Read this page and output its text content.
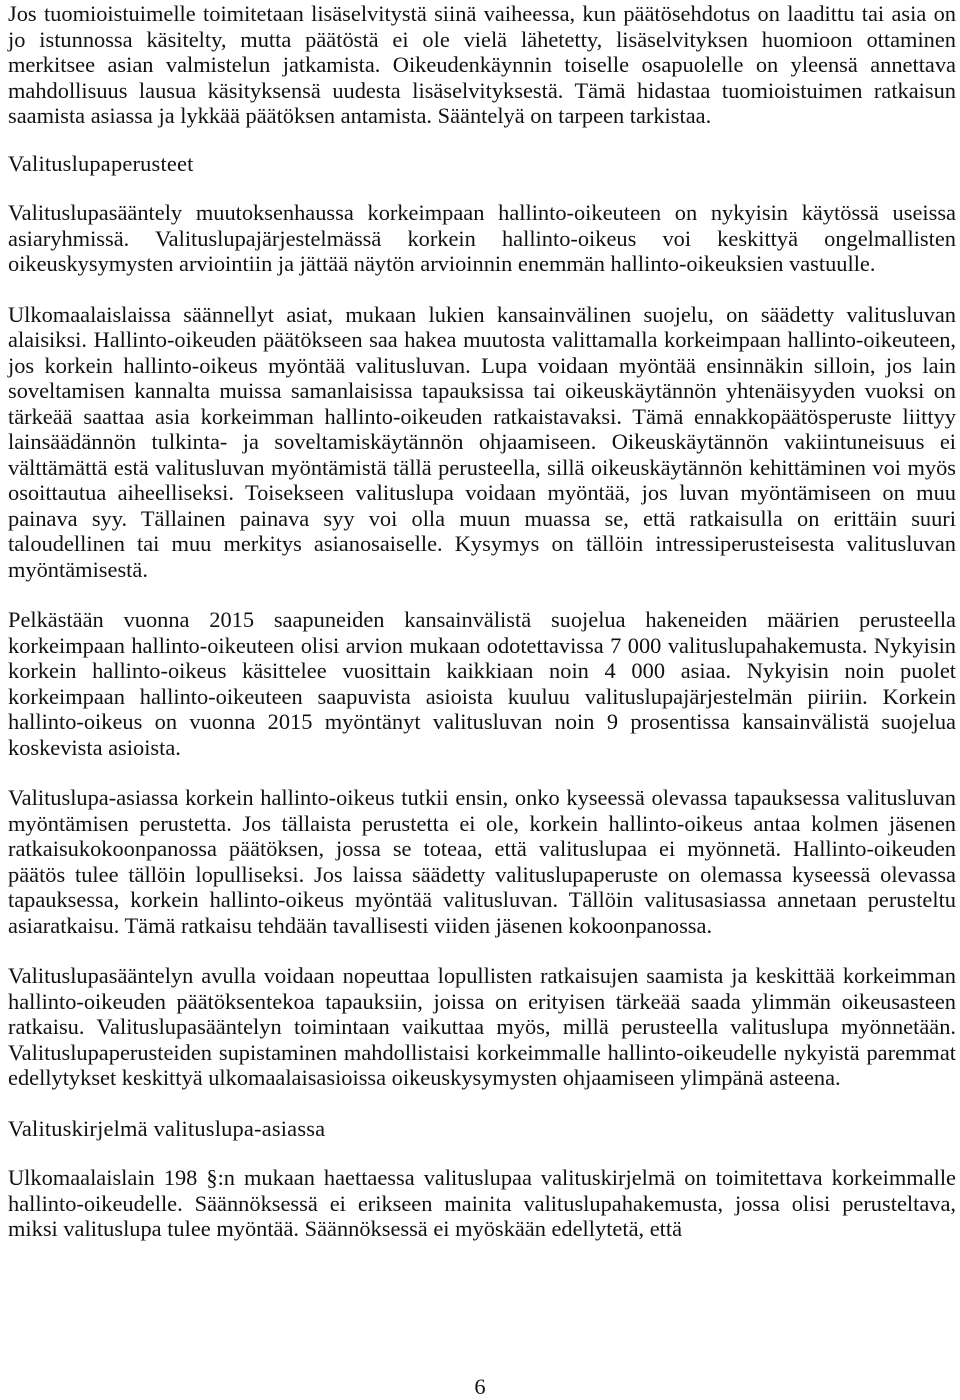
Jos tuomioistuimelle toimitetaan lisäselvitystä siinä vaiheessa, kun päätösehdotus on laadittu tai asia on jo istunnossa käsitelty, mutta päätöstä ei ole vielä lähetetty, lisäselvityksen huomioon ottaminen merkitsee asian valmistelun jatkamista. Oikeudenkäynnin toiselle osapuolelle on yleensä annettava mahdollisuus lausua käsityksensä uudesta lisäselvityksestä. Tämä hidastaa tuomioistuimen ratkaisun saamista asiassa ja lykkää päätöksen antamista. Sääntelyä on tarpeen tarkistaa.

Valituslupaperusteet

Valituslupasääntely muutoksenhaussa korkeimpaan hallinto-oikeuteen on nykyisin käytössä useissa asiaryhmissä. Valituslupajärjestelmässä korkein hallinto-oikeus voi keskittyä ongelmallisten oikeuskysymysten arviointiin ja jättää näytön arvioinnin enemmän hallinto-oikeuksien vastuulle.

Ulkomaalaislaissa säännellyt asiat, mukaan lukien kansainvälinen suojelu, on säädetty valitusluvan alaisiksi. Hallinto-oikeuden päätökseen saa hakea muutosta valittamalla korkeimpaan hallinto-oikeuteen, jos korkein hallinto-oikeus myöntää valitusluvan. Lupa voidaan myöntää ensinnäkin silloin, jos lain soveltamisen kannalta muissa samanlaisissa tapauksissa tai oikeuskäytännön yhtenäisyyden vuoksi on tärkeää saattaa asia korkeimman hallinto-oikeuden ratkaistavaksi. Tämä ennakkopäätösperuste liittyy lainsäädännön tulkinta- ja soveltamiskäytännön ohjaamiseen. Oikeuskäytännön vakiintuneisuus ei välttämättä estä valitusluvan myöntämistä tällä perusteella, sillä oikeuskäytännön kehittäminen voi myös osoittautua aiheelliseksi. Toisekseen valituslupa voidaan myöntää, jos luvan myöntämiseen on muu painava syy. Tällainen painava syy voi olla muun muassa se, että ratkaisulla on erittäin suuri taloudellinen tai muu merkitys asianosaiselle. Kysymys on tällöin intressiperusteisesta valitusluvan myöntämisestä.

Pelkästään vuonna 2015 saapuneiden kansainvälistä suojelua hakeneiden määrien perusteella korkeimpaan hallinto-oikeuteen olisi arvion mukaan odotettavissa 7 000 valituslupahakemusta. Nykyisin korkein hallinto-oikeus käsittelee vuosittain kaikkiaan noin 4 000 asiaa. Nykyisin noin puolet korkeimpaan hallinto-oikeuteen saapuvista asioista kuuluu valituslupajärjestelmän piiriin. Korkein hallinto-oikeus on vuonna 2015 myöntänyt valitusluvan noin 9 prosentissa kansainvälistä suojelua koskevista asioista.

Valituslupa-asiassa korkein hallinto-oikeus tutkii ensin, onko kyseessä olevassa tapauksessa valitusluvan myöntämisen perustetta. Jos tällaista perustetta ei ole, korkein hallinto-oikeus antaa kolmen jäsenen ratkaisukokoonpanossa päätöksen, jossa se toteaa, että valituslupaa ei myönnetä. Hallinto-oikeuden päätös tulee tällöin lopulliseksi. Jos laissa säädetty valituslupaperuste on olemassa kyseessä olevassa tapauksessa, korkein hallinto-oikeus myöntää valitusluvan. Tällöin valitusasiassa annetaan perusteltu asiaratkaisu. Tämä ratkaisu tehdään tavallisesti viiden jäsenen kokoonpanossa.

Valituslupasääntelyn avulla voidaan nopeuttaa lopullisten ratkaisujen saamista ja keskittää korkeimman hallinto-oikeuden päätöksentekoa tapauksiin, joissa on erityisen tärkeää saada ylimmän oikeusasteen ratkaisu. Valituslupasääntelyn toimintaan vaikuttaa myös, millä perusteella valituslupa myönnetään. Valituslupaperusteiden supistaminen mahdollistaisi korkeimmalle hallinto-oikeudelle nykyistä paremmat edellytykset keskittyä ulkomaalaisasioissa oikeuskysymysten ohjaamiseen ylimpänä asteena.

Valituskirjelmä valituslupa-asiassa

Ulkomaalaislain 198 §:n mukaan haettaessa valituslupaa valituskirjelmä on toimitettava korkeimmalle hallinto-oikeudelle. Säännöksessä ei erikseen mainita valituslupahakemusta, jossa olisi perusteltava, miksi valituslupa tulee myöntää. Säännöksessä ei myöskään edellytetä, että

6
